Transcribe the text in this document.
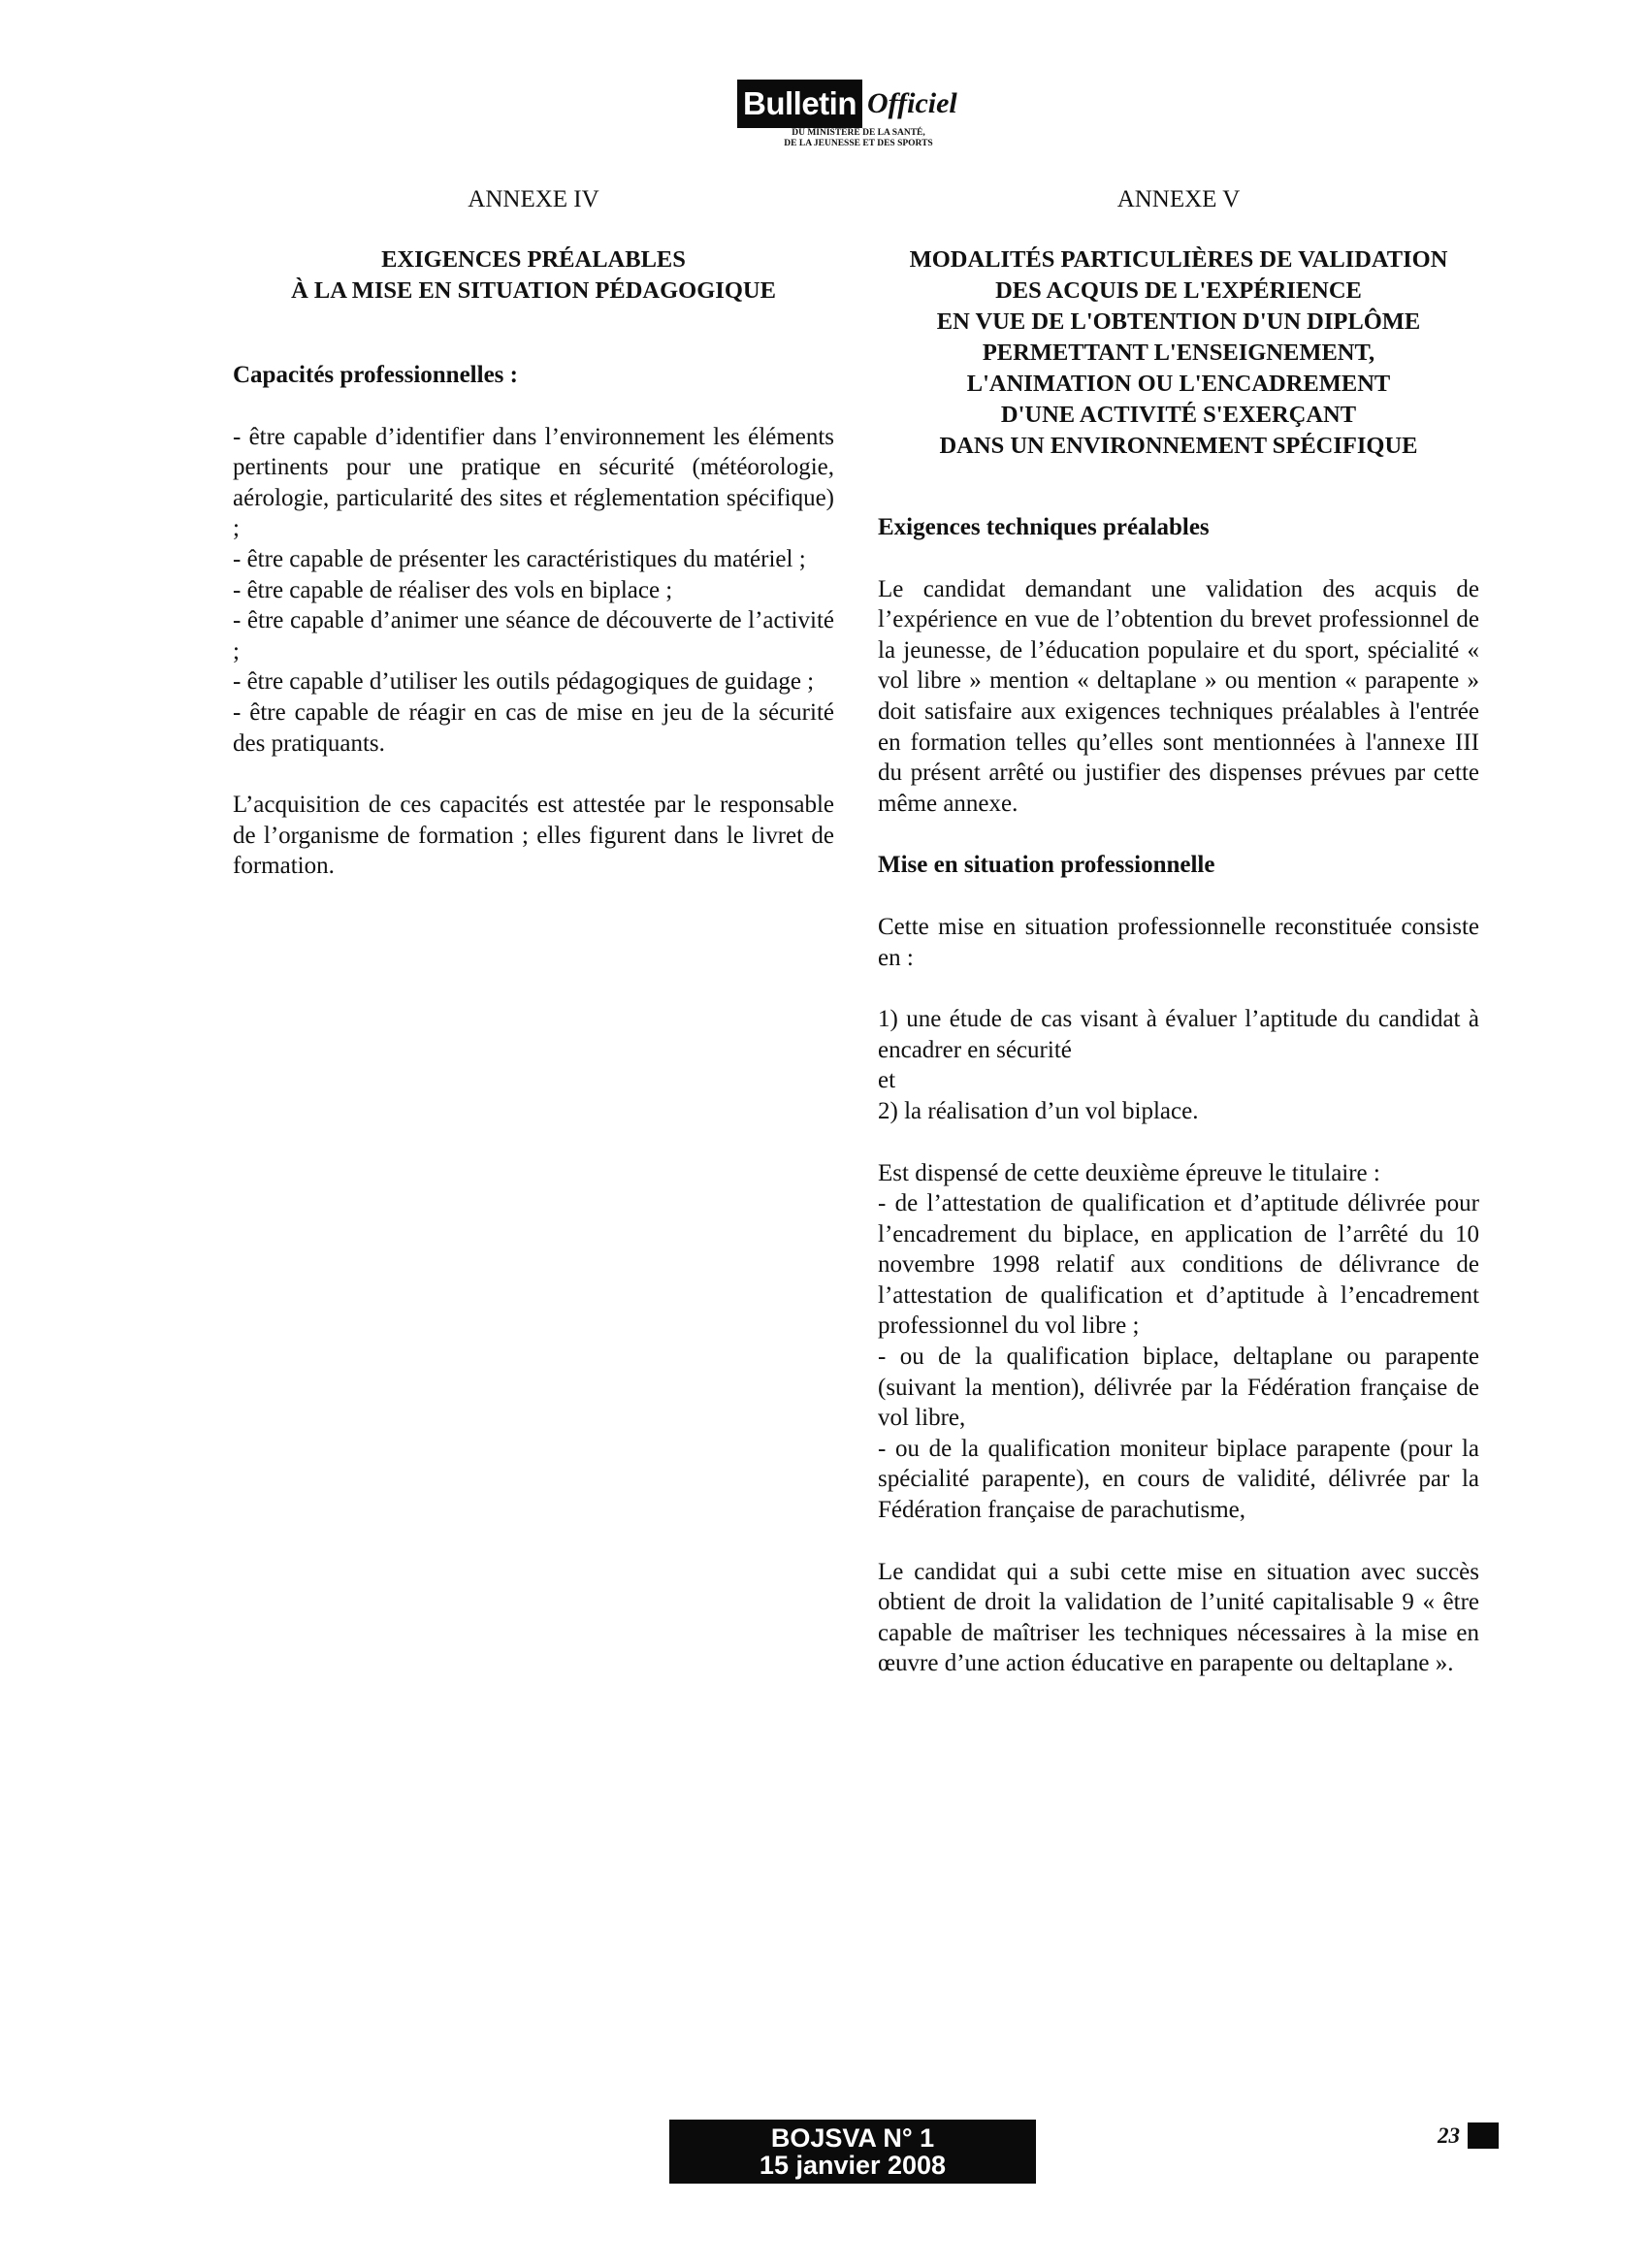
Bulletin Officiel
DU MINISTÈRE DE LA SANTÉ,
DE LA JEUNESSE ET DES SPORTS

ANNEXE IV

EXIGENCES PRÉALABLES
À LA MISE EN SITUATION PÉDAGOGIQUE

Capacités professionnelles :

- être capable d’identifier dans l’environnement les éléments pertinents pour une pratique en sécurité (météorologie, aérologie, particularité des sites et réglementation spécifique) ;
- être capable de présenter les caractéristiques du matériel ;
- être capable de réaliser des vols en biplace ;
- être capable d’animer une séance de découverte de l’activité ;
- être capable d’utiliser les outils pédagogiques de guidage ;
- être capable de réagir en cas de mise en jeu de la sécurité des pratiquants.

L’acquisition de ces capacités est attestée par le responsable de l’organisme de formation ; elles figurent dans le livret de formation.

ANNEXE V

MODALITÉS PARTICULIÈRES DE VALIDATION
DES ACQUIS DE L'EXPÉRIENCE
EN VUE DE L'OBTENTION D'UN DIPLÔME
PERMETTANT L'ENSEIGNEMENT,
L'ANIMATION OU L'ENCADREMENT
D'UNE ACTIVITÉ S'EXERÇANT
DANS UN ENVIRONNEMENT SPÉCIFIQUE

Exigences techniques préalables

Le candidat demandant une validation des acquis de l’expérience en vue de l’obtention du brevet professionnel de la jeunesse, de l’éducation populaire et du sport, spécialité « vol libre » mention « deltaplane » ou mention « parapente » doit satisfaire aux exigences techniques préalables à l'entrée en formation telles qu’elles sont mentionnées à l'annexe III du présent arrêté ou justifier des dispenses prévues par cette même annexe.

Mise en situation professionnelle

Cette mise en situation professionnelle reconstituée consiste en :

1) une étude de cas visant à évaluer l’aptitude du candidat à encadrer en sécurité

et

2) la réalisation d’un vol biplace.

Est dispensé de cette deuxième épreuve le titulaire :

- de l’attestation de qualification et d’aptitude délivrée pour l’encadrement du biplace, en application de l’arrêté du 10 novembre 1998 relatif aux conditions de délivrance de l’attestation de qualification et d’aptitude à l’encadrement professionnel du vol libre ;
- ou de la qualification biplace, deltaplane ou parapente (suivant la mention), délivrée par la Fédération française de vol libre,
- ou de la qualification moniteur biplace parapente (pour la spécialité parapente), en cours de validité, délivrée par la Fédération française de parachutisme,

Le candidat qui a subi cette mise en situation avec succès obtient de droit la validation de l’unité capitalisable 9 « être capable de maîtriser les techniques nécessaires à la mise en œuvre d’une action éducative en parapente ou deltaplane ».

BOJSVA N° 1
15 janvier 2008
23
